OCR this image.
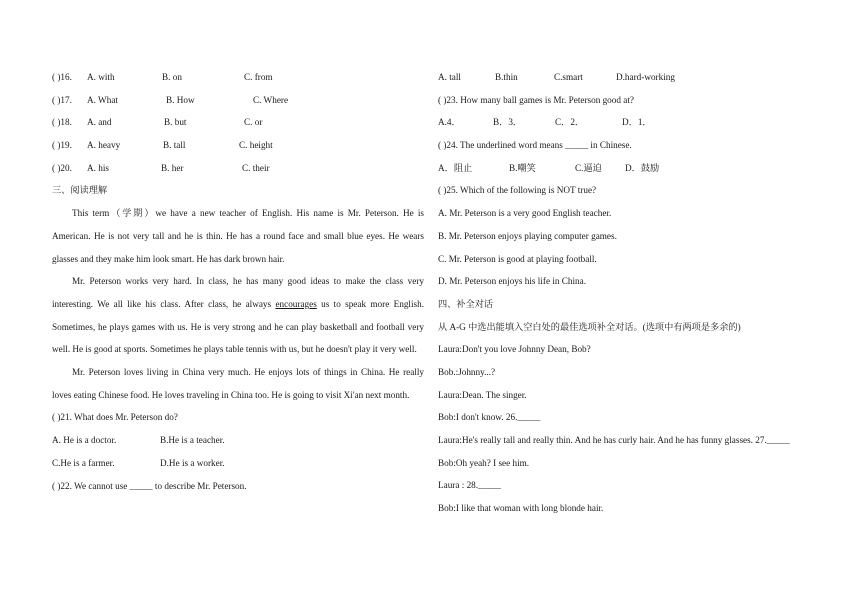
( )16.	A. with	B. on	C. from
( )17.	A. What	B. How	C. Where
( )18.	A. and	B. but	C. or
( )19.	A. heavy	B. tall	C. height
( )20.	A. his	B. her	C. their
三、阅读理解
This term（学期）we have a new teacher of English. His name is Mr. Peterson. He is American. He is not very tall and he is thin. He has a round face and small blue eyes. He wears glasses and they make him look smart. He has dark brown hair.
Mr. Peterson works very hard. In class, he has many good ideas to make the class very interesting. We all like his class. After class, he always encourages us to speak more English. Sometimes, he plays games with us. He is very strong and he can play basketball and football very well. He is good at sports. Sometimes he plays table tennis with us, but he doesn't play it very well.
Mr. Peterson loves living in China very much. He enjoys lots of things in China. He really loves eating Chinese food. He loves traveling in China too. He is going to visit Xi'an next month.
( )21. What does Mr. Peterson do?
A. He is a doctor.	B.He is a teacher.
C.He is a farmer.	D.He is a worker.
( )22. We cannot use _____ to describe Mr. Peterson.
A. tall	B.thin	C.smart	D.hard-working
( )23. How many ball games is Mr. Peterson good at?
A.4．	B．3．	C．2．	D．1．
( )24. The underlined word means _____ in Chinese.
A．阻止	B.嘲笑	C.逼迫	D．鼓励
( )25. Which of the following is NOT true?
A. Mr. Peterson is a very good English teacher.
B. Mr. Peterson enjoys playing computer games.
C. Mr. Peterson is good at playing football.
D. Mr. Peterson enjoys his life in China.
四、补全对话
从 A-G 中选出能填入空白处的最佳选项补全对话。(选项中有两项是多余的)
Laura:Don't you love Johnny Dean, Bob?
Bob.:Johnny...?
Laura:Dean. The singer.
Bob:I don't know. 26._____
Laura:He's really tall and really thin. And he has curly hair. And he has funny glasses. 27._____
Bob:Oh yeah? I see him.
Laura : 28._____
Bob:I like that woman with long blonde hair.
